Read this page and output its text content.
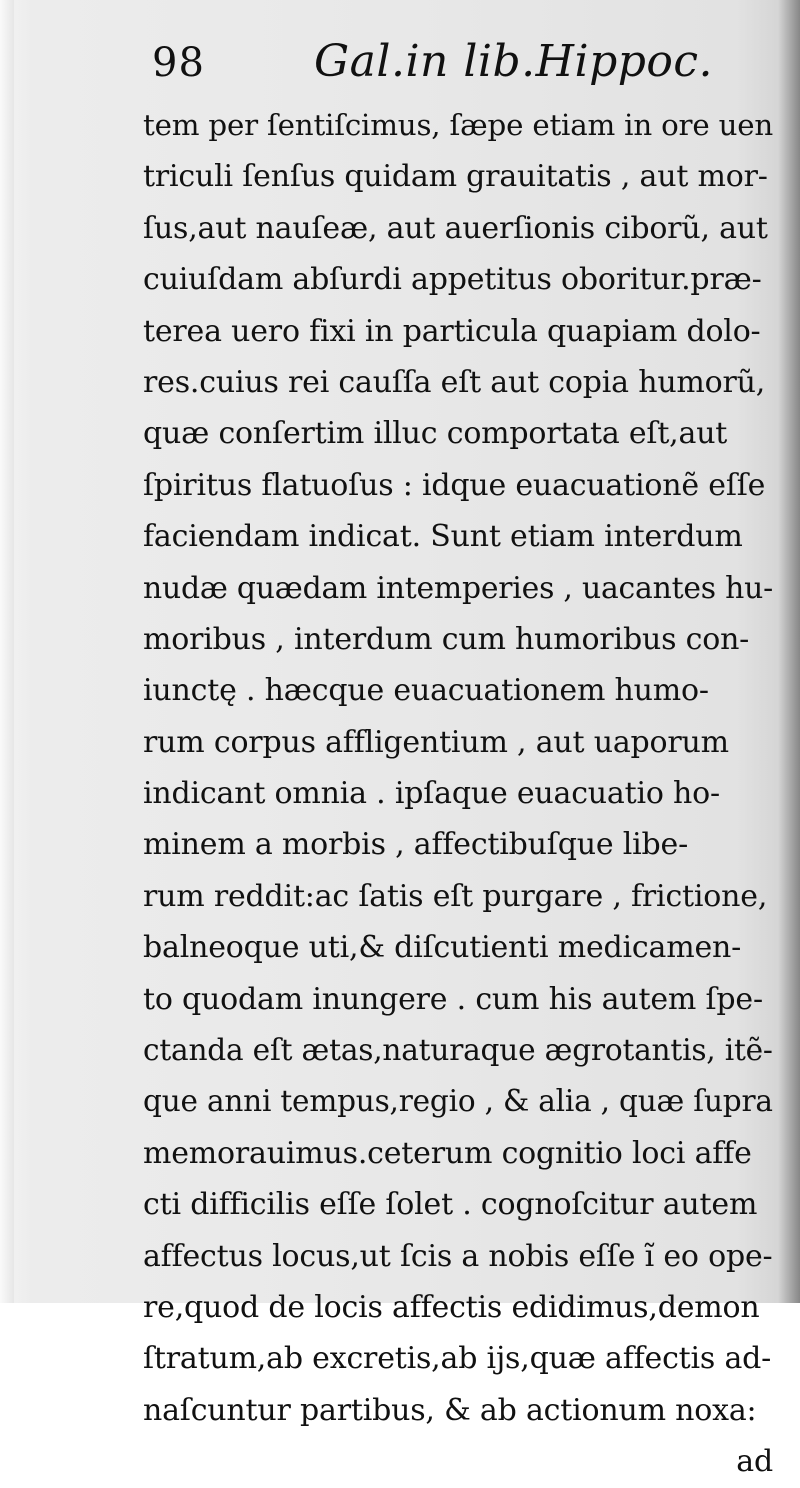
98 Gal.in lib.Hippoc.
tem per ſentiſcimus, ſæpe etiam in ore uen
triculi ſenſus quidam grauitatis , aut mor-
ſus,aut nauſeæ, aut auerſionis ciborũ, aut
cuiuſdam abſurdi appetitus oboritur.præ-
terea uero fixi in particula quapiam dolo-
res.cuius rei cauſſa eſt aut copia humorũ,
quæ conſertim illuc comportata eſt,aut
ſpiritus flatuoſus : idque euacuationẽ eſſe
faciendam indicat. Sunt etiam interdum
nudæ quædam intemperies , uacantes hu-
moribus , interdum cum humoribus con-
iunctę . hæcque euacuationem humo-
rum corpus affligentium , aut uaporum
indicant omnia . ipſaque euacuatio ho-
minem a morbis , affectibuſque libe-
rum reddit:ac ſatis eſt purgare , frictione,
balneoque uti,& diſcutienti medicamen-
to quodam inungere . cum his autem ſpe-
ctanda eſt ætas,naturaque ægrotantis, itẽ-
que anni tempus,regio , & alia , quæ ſupra
memorauimus.ceterum cognitio loci affe
cti difficilis eſſe ſolet . cognoſcitur autem
affectus locus,ut ſcis a nobis eſſe ĩ eo ope-
re,quod de locis affectis edidimus,demon
ſtratum,ab excretis,ab ijs,quæ affectis ad-
naſcuntur partibus, & ab actionum noxa:
ad
